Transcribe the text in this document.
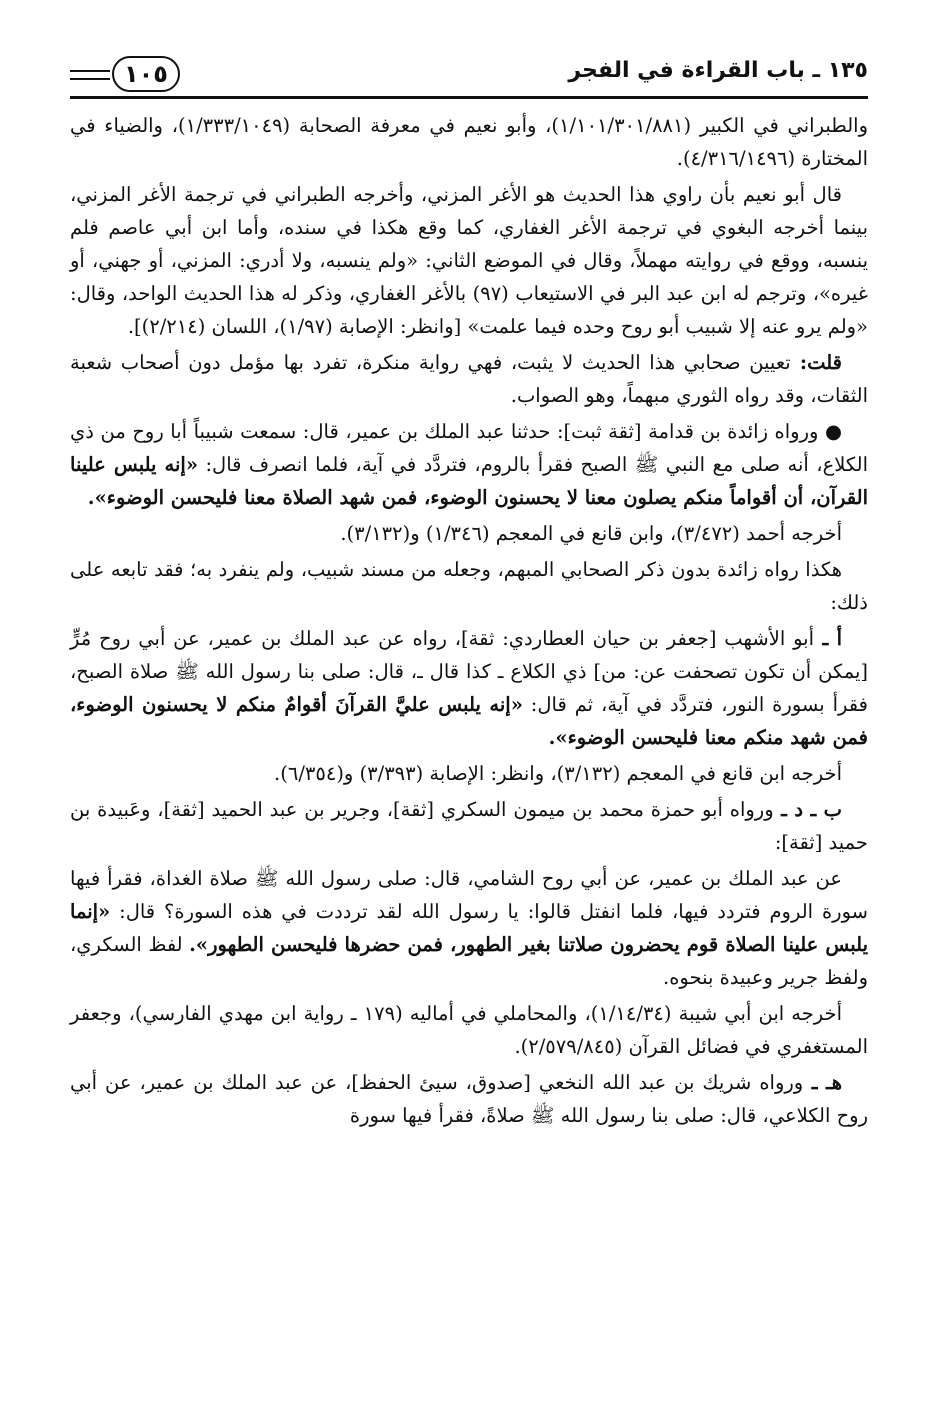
١٣٥ ـ باب القراءة في الفجر
١٠٥

والطبراني في الكبير (١/١٠١/٣٠١/٨٨١)، وأبو نعيم في معرفة الصحابة (١/٣٣٣/١٠٤٩)، والضياء في المختارة (٤/٣١٦/١٤٩٦).

قال أبو نعيم بأن راوي هذا الحديث هو الأغر المزني، وأخرجه الطبراني في ترجمة الأغر المزني، بينما أخرجه البغوي في ترجمة الأغر الغفاري، كما وقع هكذا في سنده، وأما ابن أبي عاصم فلم ينسبه، ووقع في روايته مهملاً، وقال في الموضع الثاني: «ولم ينسبه، ولا أدري: المزني، أو جهني، أو غيره»، وترجم له ابن عبد البر في الاستيعاب (٩٧) بالأغر الغفاري، وذكر له هذا الحديث الواحد، وقال: «ولم يرو عنه إلا شبيب أبو روح وحده فيما علمت» [وانظر: الإصابة (١/٩٧)، اللسان (٢/٢١٤)].

قلت: تعيين صحابي هذا الحديث لا يثبت، فهي رواية منكرة، تفرد بها مؤمل دون أصحاب شعبة الثقات، وقد رواه الثوري مبهماً، وهو الصواب.

● ورواه زائدة بن قدامة [ثقة ثبت]: حدثنا عبد الملك بن عمير، قال: سمعت شبيباً أبا روح من ذي الكلاع، أنه صلى مع النبي ﷺ الصبح فقرأ بالروم، فتردَّد في آية، فلما انصرف قال: «إنه يلبس علينا القرآن، أن أقواماً منكم يصلون معنا لا يحسنون الوضوء، فمن شهد الصلاة معنا فليحسن الوضوء».

أخرجه أحمد (٣/٤٧٢)، وابن قانع في المعجم (١/٣٤٦) و(٣/١٣٢).

هكذا رواه زائدة بدون ذكر الصحابي المبهم، وجعله من مسند شبيب، ولم ينفرد به؛ فقد تابعه على ذلك:

أ ـ أبو الأشهب [جعفر بن حيان العطاردي: ثقة]، رواه عن عبد الملك بن عمير، عن أبي روح مُرٍّ [يمكن أن تكون تصحفت عن: من] ذي الكلاع ـ كذا قال ـ، قال: صلى بنا رسول الله ﷺ صلاة الصبح، فقرأ بسورة النور، فتردَّد في آية، ثم قال: «إنه يلبس عليَّ القرآنَ أقوامٌ منكم لا يحسنون الوضوء، فمن شهد منكم معنا فليحسن الوضوء».

أخرجه ابن قانع في المعجم (٣/١٣٢)، وانظر: الإصابة (٣/٣٩٣) و(٦/٣٥٤).

ب ـ د ـ ورواه أبو حمزة محمد بن ميمون السكري [ثقة]، وجرير بن عبد الحميد [ثقة]، وعَبيدة بن حميد [ثقة]:

عن عبد الملك بن عمير، عن أبي روح الشامي، قال: صلى رسول الله ﷺ صلاة الغداة، فقرأ فيها سورة الروم فتردد فيها، فلما انفتل قالوا: يا رسول الله لقد ترددت في هذه السورة؟ قال: «إنما يلبس علينا الصلاة قوم يحضرون صلاتنا بغير الطهور، فمن حضرها فليحسن الطهور». لفظ السكري، ولفظ جرير وعبيدة بنحوه.

أخرجه ابن أبي شيبة (١/١٤/٣٤)، والمحاملي في أماليه (١٧٩ ـ رواية ابن مهدي الفارسي)، وجعفر المستغفري في فضائل القرآن (٢/٥٧٩/٨٤٥).

هـ ـ ورواه شريك بن عبد الله النخعي [صدوق، سيئ الحفظ]، عن عبد الملك بن عمير، عن أبي روح الكلاعي، قال: صلى بنا رسول الله ﷺ صلاةً، فقرأ فيها سورة
